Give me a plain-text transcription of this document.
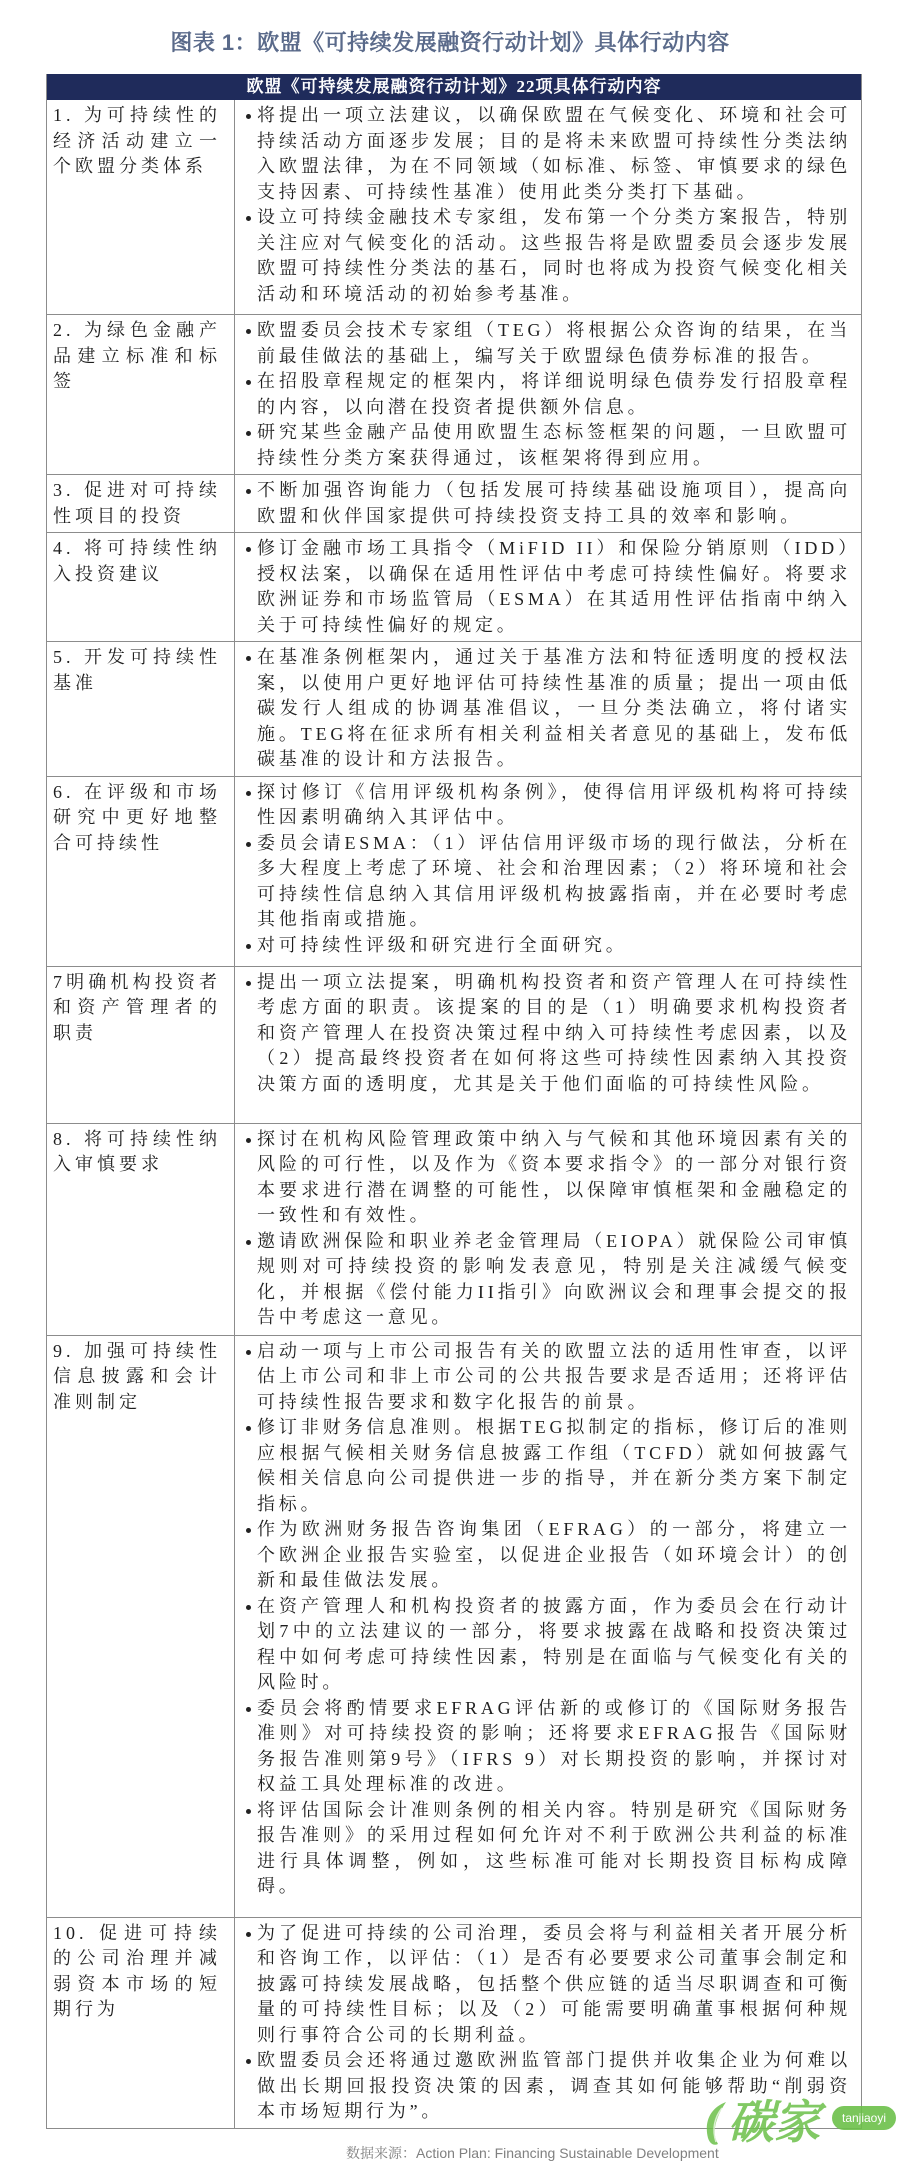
图表 1：欧盟《可持续发展融资行动计划》具体行动内容
欧盟《可持续发展融资行动计划》22项具体行动内容
1. 为可持续性的经济活动建立一个欧盟分类体系
将提出一项立法建议，以确保欧盟在气候变化、环境和社会可持续活动方面逐步发展；目的是将未来欧盟可持续性分类法纳入欧盟法律，为在不同领域（如标准、标签、审慎要求的绿色支持因素、可持续性基准）使用此类分类打下基础。
设立可持续金融技术专家组，发布第一个分类方案报告，特别关注应对气候变化的活动。这些报告将是欧盟委员会逐步发展欧盟可持续性分类法的基石，同时也将成为投资气候变化相关活动和环境活动的初始参考基准。
2. 为绿色金融产品建立标准和标签
欧盟委员会技术专家组（TEG）将根据公众咨询的结果，在当前最佳做法的基础上，编写关于欧盟绿色债券标准的报告。
在招股章程规定的框架内，将详细说明绿色债券发行招股章程的内容，以向潜在投资者提供额外信息。
研究某些金融产品使用欧盟生态标签框架的问题，一旦欧盟可持续性分类方案获得通过，该框架将得到应用。
3. 促进对可持续性项目的投资
不断加强咨询能力（包括发展可持续基础设施项目），提高向欧盟和伙伴国家提供可持续投资支持工具的效率和影响。
4. 将可持续性纳入投资建议
修订金融市场工具指令（MiFID II）和保险分销原则（IDD）授权法案，以确保在适用性评估中考虑可持续性偏好。将要求欧洲证券和市场监管局（ESMA）在其适用性评估指南中纳入关于可持续性偏好的规定。
5. 开发可持续性基准
在基准条例框架内，通过关于基准方法和特征透明度的授权法案，以使用户更好地评估可持续性基准的质量；提出一项由低碳发行人组成的协调基准倡议，一旦分类法确立，将付诸实施。TEG将在征求所有相关利益相关者意见的基础上，发布低碳基准的设计和方法报告。
6. 在评级和市场研究中更好地整合可持续性
探讨修订《信用评级机构条例》，使得信用评级机构将可持续性因素明确纳入其评估中。
委员会请ESMA：（1）评估信用评级市场的现行做法，分析在多大程度上考虑了环境、社会和治理因素；（2）将环境和社会可持续性信息纳入其信用评级机构披露指南，并在必要时考虑其他指南或措施。
对可持续性评级和研究进行全面研究。
7明确机构投资者和资产管理者的职责
提出一项立法提案，明确机构投资者和资产管理人在可持续性考虑方面的职责。该提案的目的是（1）明确要求机构投资者和资产管理人在投资决策过程中纳入可持续性考虑因素，以及（2）提高最终投资者在如何将这些可持续性因素纳入其投资决策方面的透明度，尤其是关于他们面临的可持续性风险。
8. 将可持续性纳入审慎要求
探讨在机构风险管理政策中纳入与气候和其他环境因素有关的风险的可行性，以及作为《资本要求指令》的一部分对银行资本要求进行潜在调整的可能性，以保障审慎框架和金融稳定的一致性和有效性。
邀请欧洲保险和职业养老金管理局（EIOPA）就保险公司审慎规则对可持续投资的影响发表意见，特别是关注减缓气候变化，并根据《偿付能力II指引》向欧洲议会和理事会提交的报告中考虑这一意见。
9. 加强可持续性信息披露和会计准则制定
启动一项与上市公司报告有关的欧盟立法的适用性审查，以评估上市公司和非上市公司的公共报告要求是否适用；还将评估可持续性报告要求和数字化报告的前景。
修订非财务信息准则。根据TEG拟制定的指标，修订后的准则应根据气候相关财务信息披露工作组（TCFD）就如何披露气候相关信息向公司提供进一步的指导，并在新分类方案下制定指标。
作为欧洲财务报告咨询集团（EFRAG）的一部分，将建立一个欧洲企业报告实验室，以促进企业报告（如环境会计）的创新和最佳做法发展。
在资产管理人和机构投资者的披露方面，作为委员会在行动计划7中的立法建议的一部分，将要求披露在战略和投资决策过程中如何考虑可持续性因素，特别是在面临与气候变化有关的风险时。
委员会将酌情要求EFRAG评估新的或修订的《国际财务报告准则》对可持续投资的影响；还将要求EFRAG报告《国际财务报告准则第9号》（IFRS 9）对长期投资的影响，并探讨对权益工具处理标准的改进。
将评估国际会计准则条例的相关内容。特别是研究《国际财务报告准则》的采用过程如何允许对不利于欧洲公共利益的标准进行具体调整，例如，这些标准可能对长期投资目标构成障碍。
10. 促进可持续的公司治理并减弱资本市场的短期行为
为了促进可持续的公司治理，委员会将与利益相关者开展分析和咨询工作，以评估：（1）是否有必要要求公司董事会制定和披露可持续发展战略，包括整个供应链的适当尽职调查和可衡量的可持续性目标；以及（2）可能需要明确董事根据何种规则行事符合公司的长期利益。
欧盟委员会还将通过邀欧洲监管部门提供并收集企业为何难以做出长期回报投资决策的因素，调查其如何能够帮助“削弱资本市场短期行为”。
数据来源：Action Plan: Financing Sustainable Development
碳家	tanjiaoyi
